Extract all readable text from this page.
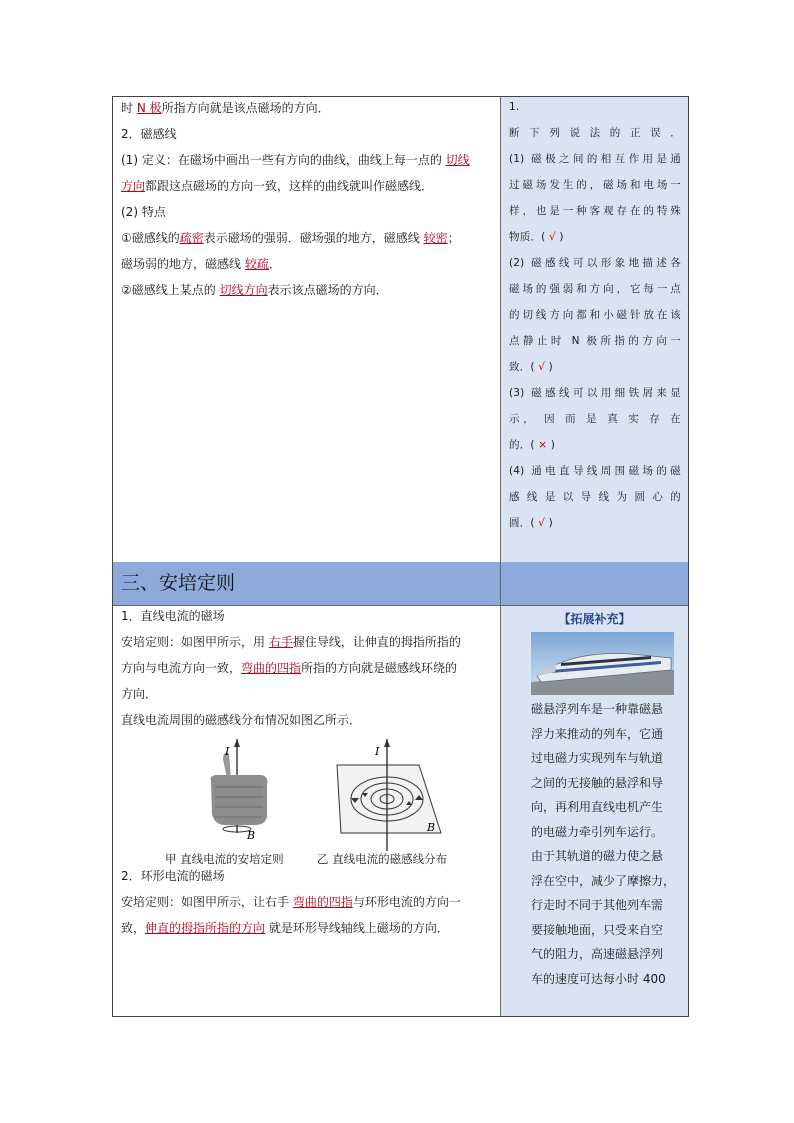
时 N 极所指方向就是该点磁场的方向．
2．磁感线
(1) 定义：在磁场中画出一些有方向的曲线，曲线上每一点的 切线
方向都跟这点磁场的方向一致，这样的曲线就叫作磁感线．
(2) 特点
①磁感线的疏密表示磁场的强弱．磁场强的地方，磁感线 较密；
磁场弱的地方，磁感线 较疏．
②磁感线上某点的 切线方向表示该点磁场的方向．
1.
断下列说法的正误．
(1) 磁极之间的相互作用是通
过磁场发生的，磁场和电场一
样，也是一种客观存在的特殊
物质．( √ )
(2) 磁感线可以形象地描述各
磁场的强弱和方向，它每一点
的切线方向都和小磁针放在该
点静止时 N 极所指的方向一
致．( √ )
(3) 磁感线可以用细铁屑来显
示， 因 而 是 真 实 存 在
的．( × )
(4) 通电直导线周围磁场的磁
感 线 是 以 导 线 为 圆 心 的
圆．( √ )
三、安培定则
I
B
I
B
甲 直线电流的安培定则	乙 直线电流的磁感线分布
1．直线电流的磁场
安培定则：如图甲所示，用 右手握住导线，让伸直的拇指所指的
方向与电流方向一致，弯曲的四指所指的方向就是磁感线环绕的
方向．
直线电流周围的磁感线分布情况如图乙所示．
2．环形电流的磁场
安培定则：如图甲所示，让右手 弯曲的四指与环形电流的方向一
致，伸直的拇指所指的方向 就是环形导线轴线上磁场的方向．
磁悬浮列车是一种靠磁悬
浮力来推动的列车，它通
过电磁力实现列车与轨道
之间的无接触的悬浮和导
向，再利用直线电机产生
的电磁力牵引列车运行。
由于其轨道的磁力使之悬
浮在空中，减少了摩擦力，
行走时不同于其他列车需
要接触地面，只受来自空
气的阻力，高速磁悬浮列
车的速度可达每小时 400
【拓展补充】
